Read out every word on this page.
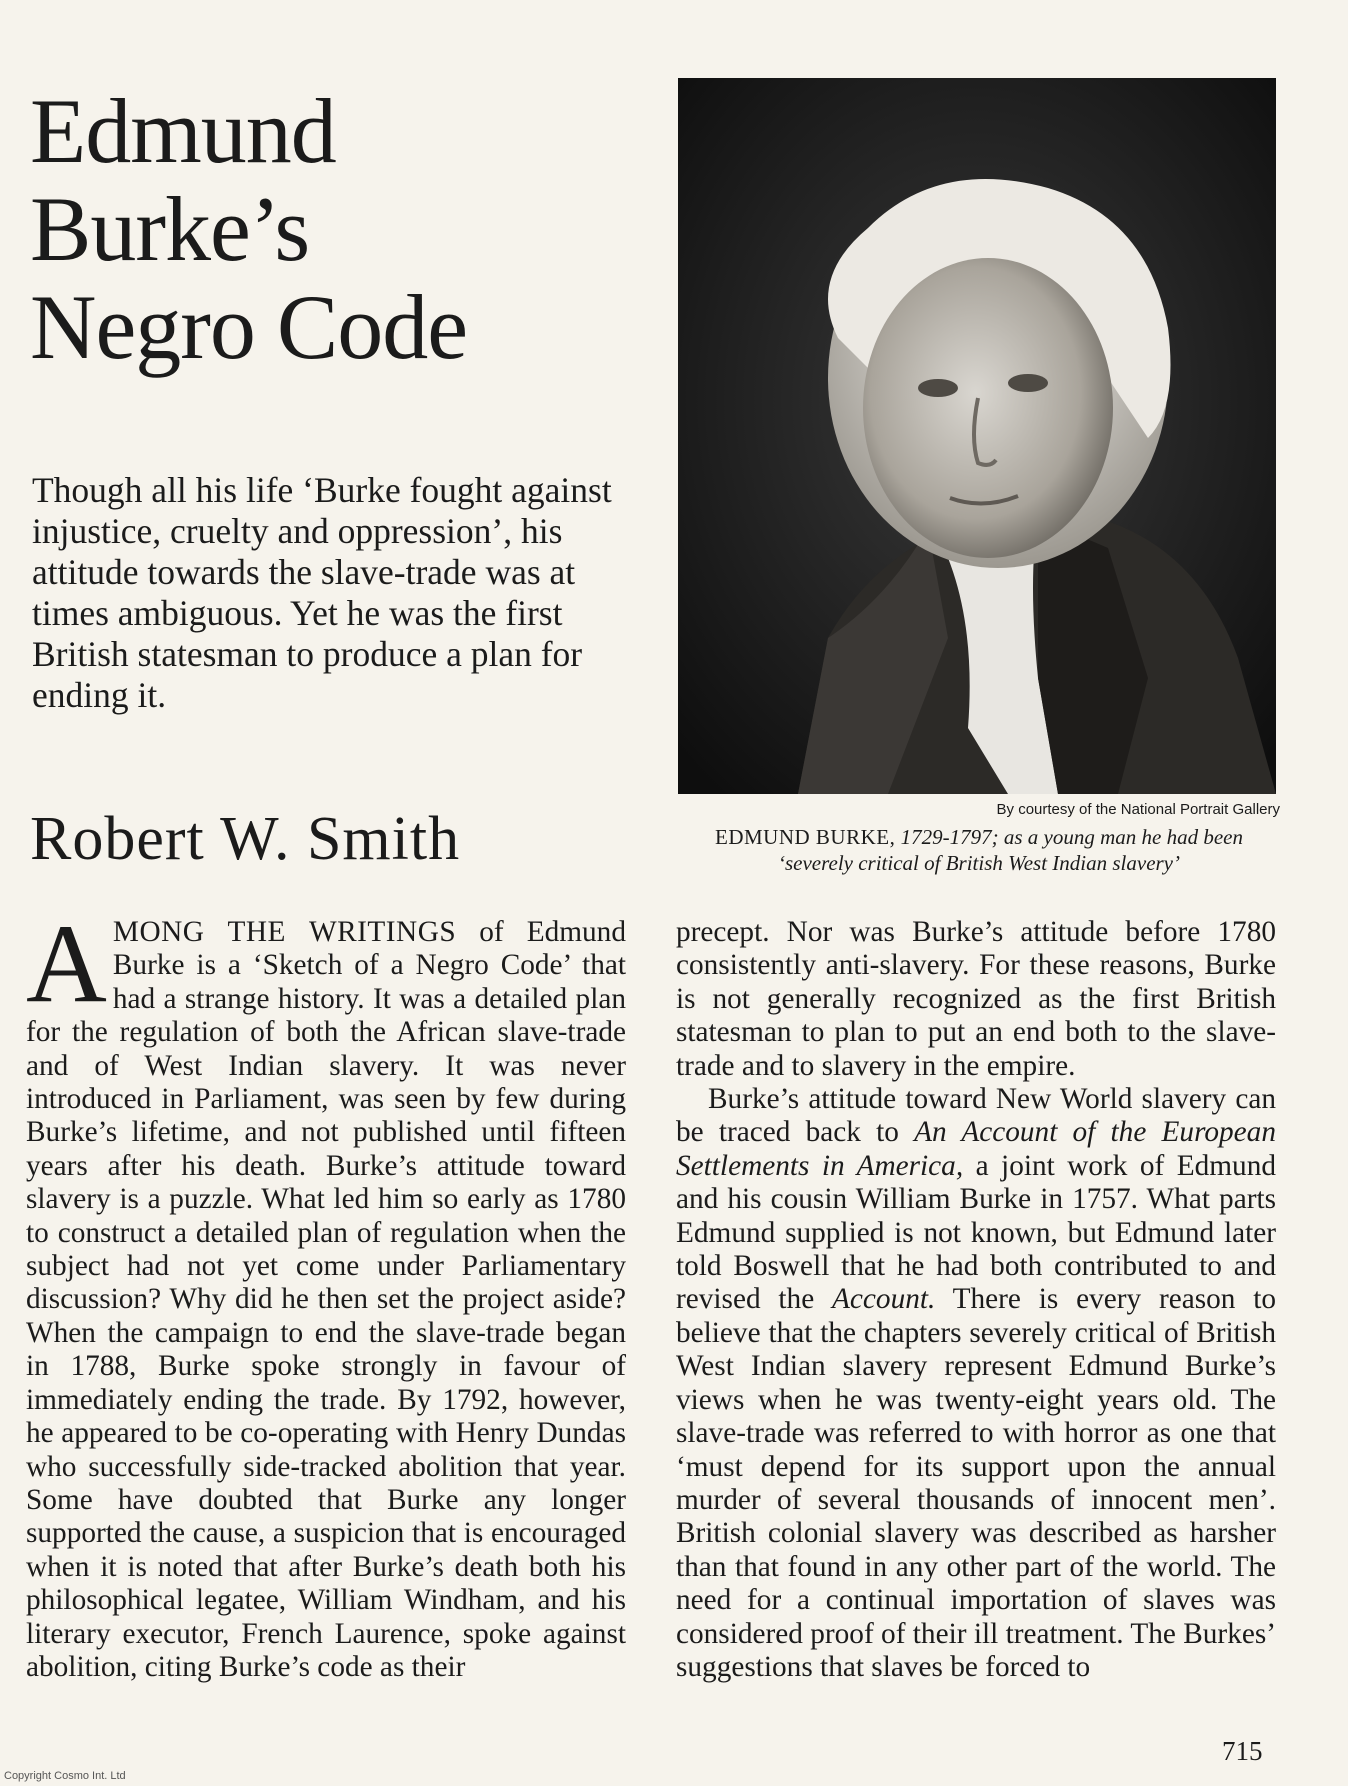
Edmund
Burke’s
Negro Code

Though all his life ‘Burke fought against injustice, cruelty and oppression’, his attitude towards the slave-trade was at times ambiguous. Yet he was the first British statesman to produce a plan for ending it.

Robert W. Smith	By courtesy of the National Portrait Gallery
EDMUND BURKE, 1729-1797; as a young man he had been ‘severely critical of British West Indian slavery’

AMONG THE WRITINGS of Edmund Burke is a ‘Sketch of a Negro Code’ that had a strange history. It was a detailed plan for the regulation of both the African slave-trade and of West Indian slavery. It was never introduced in Parliament, was seen by few during Burke’s lifetime, and not published until fifteen years after his death. Burke’s attitude toward slavery is a puzzle. What led him so early as 1780 to construct a detailed plan of regulation when the subject had not yet come under Parliamentary discussion? Why did he then set the project aside? When the campaign to end the slave-trade began in 1788, Burke spoke strongly in favour of immediately ending the trade. By 1792, however, he appeared to be co-operating with Henry Dundas who successfully side-tracked abolition that year. Some have doubted that Burke any longer supported the cause, a suspicion that is encouraged when it is noted that after Burke’s death both his philosophical legatee, William Windham, and his literary executor, French Laurence, spoke against abolition, citing Burke’s code as their

precept. Nor was Burke’s attitude before 1780 consistently anti-slavery. For these reasons, Burke is not generally recognized as the first British statesman to plan to put an end both to the slave-trade and to slavery in the empire.

Burke’s attitude toward New World slavery can be traced back to An Account of the European Settlements in America, a joint work of Edmund and his cousin William Burke in 1757. What parts Edmund supplied is not known, but Edmund later told Boswell that he had both contributed to and revised the Account. There is every reason to believe that the chapters severely critical of British West Indian slavery represent Edmund Burke’s views when he was twenty-eight years old. The slave-trade was referred to with horror as one that ‘must depend for its support upon the annual murder of several thousands of innocent men’. British colonial slavery was described as harsher than that found in any other part of the world. The need for a continual importation of slaves was considered proof of their ill treatment. The Burkes’ suggestions that slaves be forced to

715
Copyright Cosmo Int. Ltd
